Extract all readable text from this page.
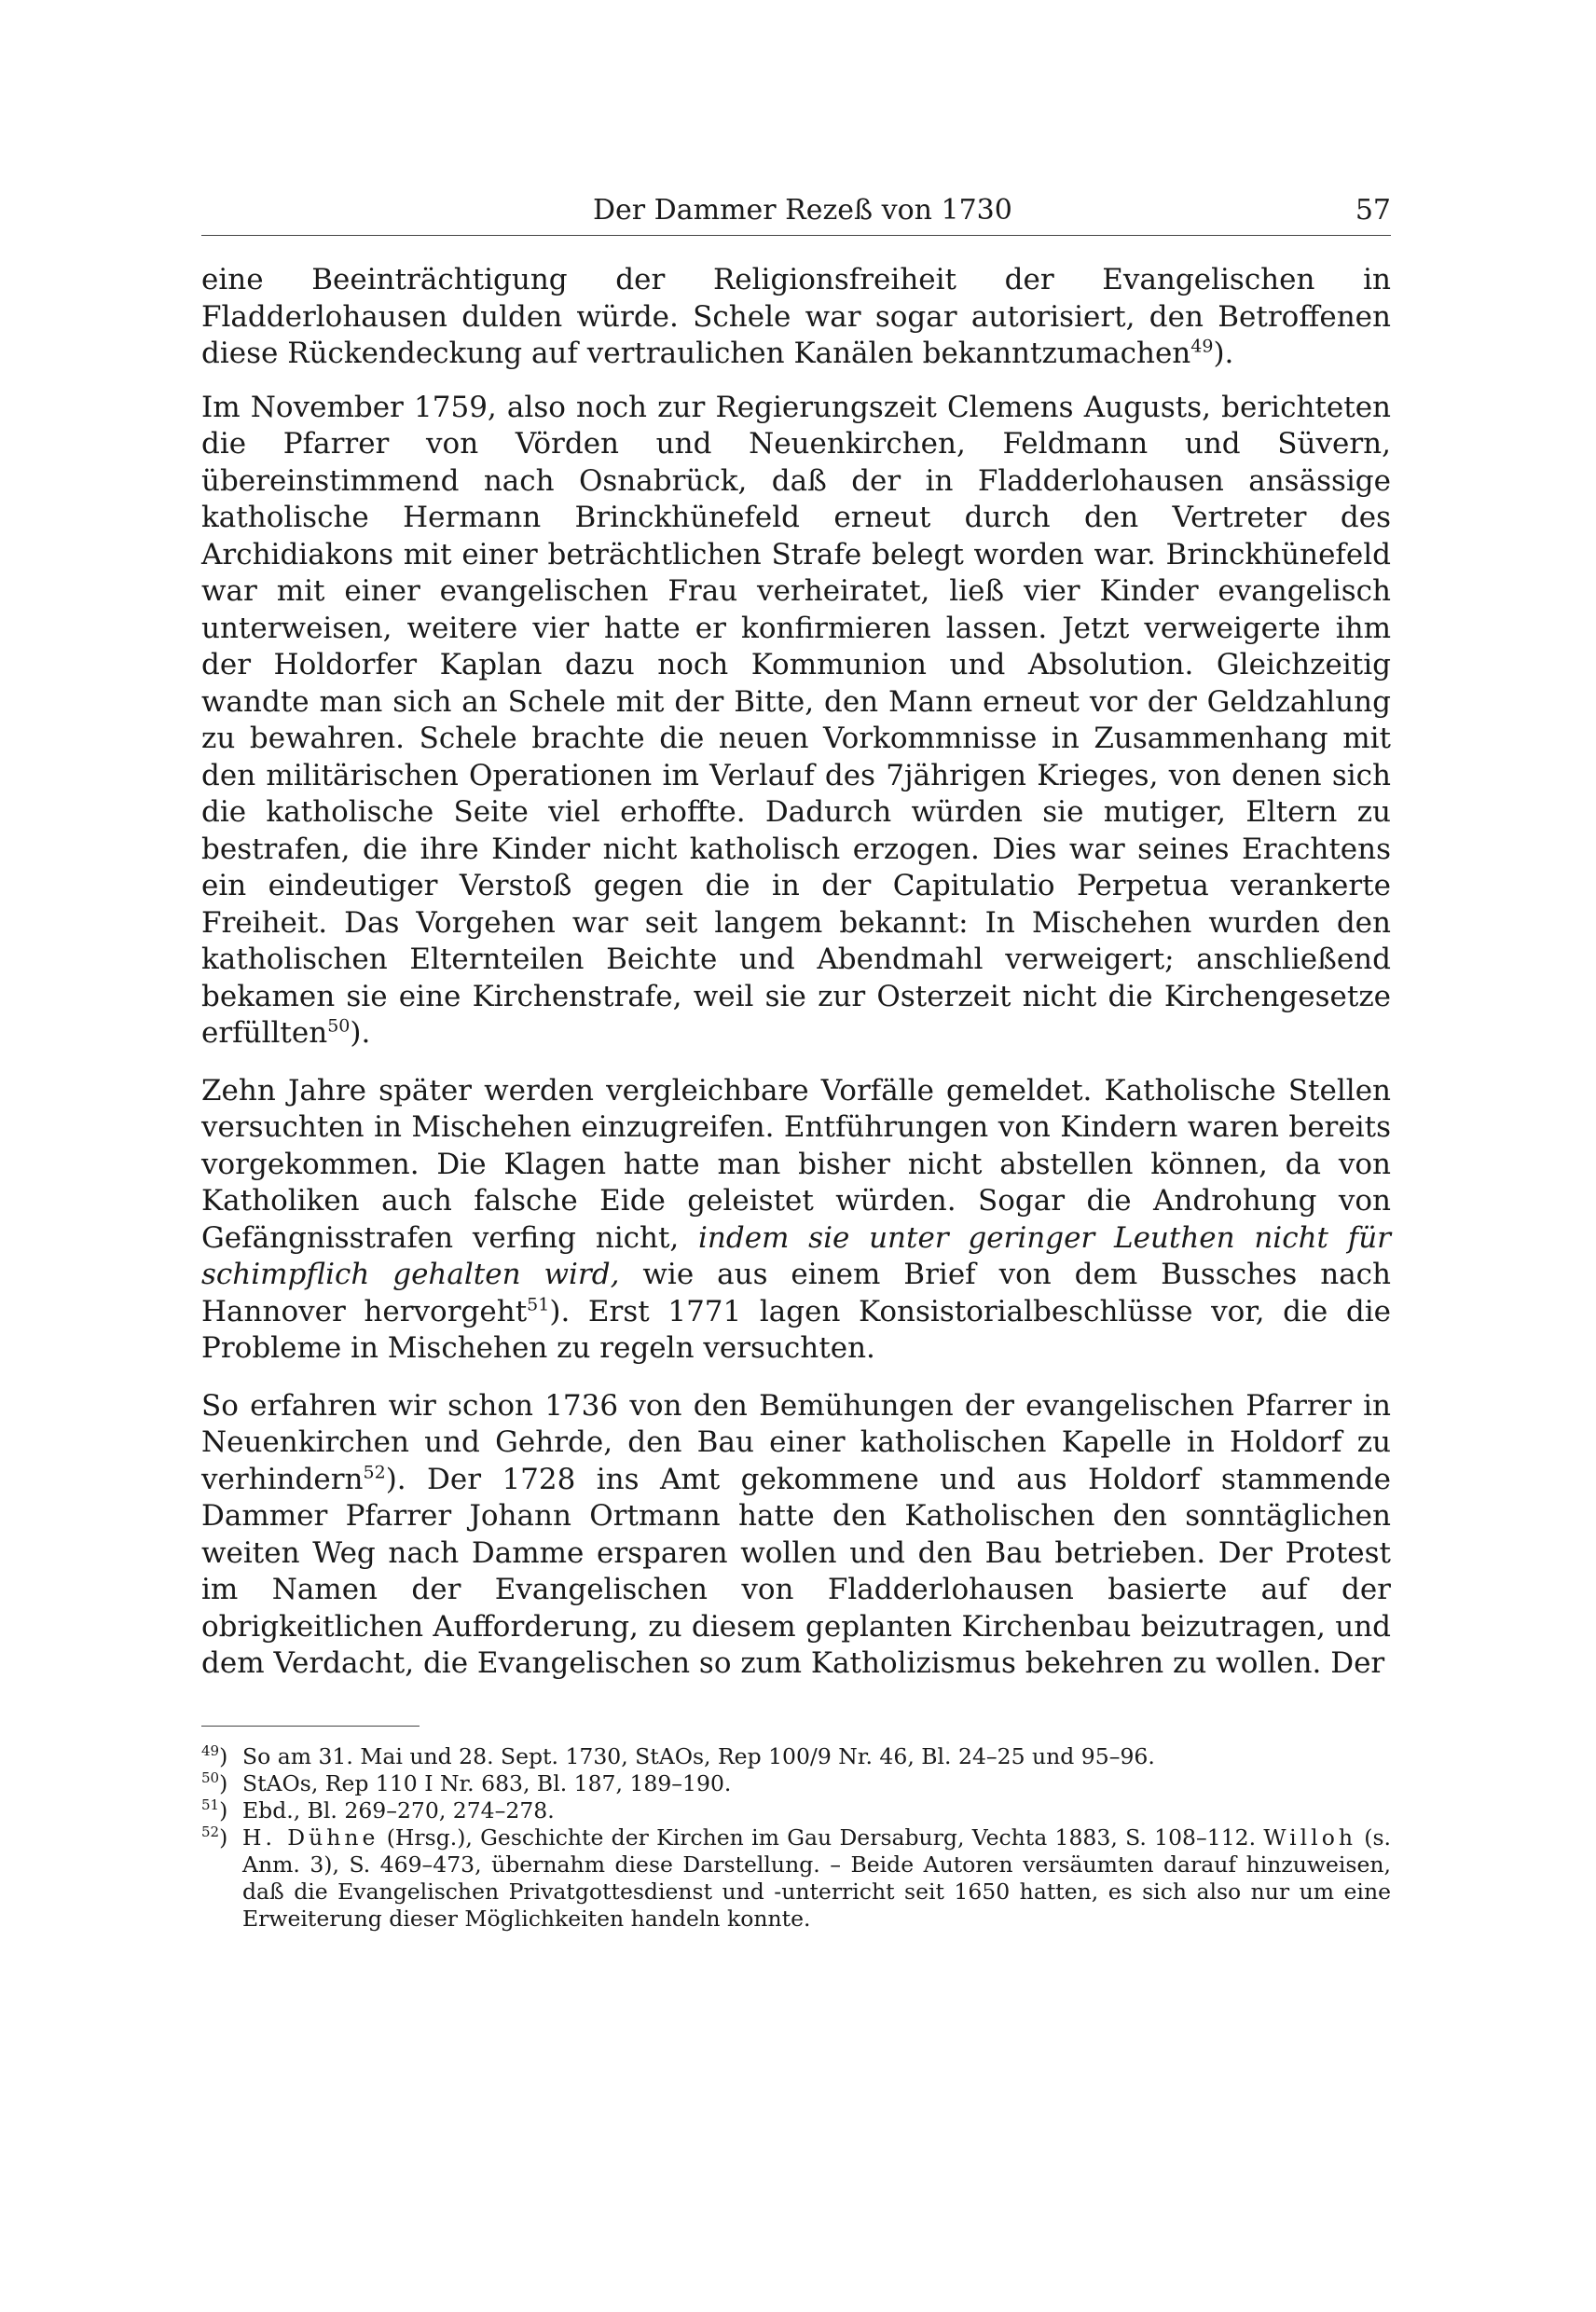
Der Dammer Rezeß von 1730	57

eine Beeinträchtigung der Religionsfreiheit der Evangelischen in Fladderlohausen dulden würde. Schele war sogar autorisiert, den Betroffenen diese Rückendeckung auf vertraulichen Kanälen bekanntzumachen$^{49}$).

Im November 1759, also noch zur Regierungszeit Clemens Augusts, berichteten die Pfarrer von Vörden und Neuenkirchen, Feldmann und Süvern, übereinstimmend nach Osnabrück, daß der in Fladderlohausen ansässige katholische Hermann Brinckhünefeld erneut durch den Vertreter des Archidiakons mit einer beträchtlichen Strafe belegt worden war. Brinckhünefeld war mit einer evangelischen Frau verheiratet, ließ vier Kinder evangelisch unterweisen, weitere vier hatte er konfirmieren lassen. Jetzt verweigerte ihm der Holdorfer Kaplan dazu noch Kommunion und Absolution. Gleichzeitig wandte man sich an Schele mit der Bitte, den Mann erneut vor der Geldzahlung zu bewahren. Schele brachte die neuen Vorkommnisse in Zusammenhang mit den militärischen Operationen im Verlauf des 7jährigen Krieges, von denen sich die katholische Seite viel erhoffte. Dadurch würden sie mutiger, Eltern zu bestrafen, die ihre Kinder nicht katholisch erzogen. Dies war seines Erachtens ein eindeutiger Verstoß gegen die in der Capitulatio Perpetua verankerte Freiheit. Das Vorgehen war seit langem bekannt: In Mischehen wurden den katholischen Elternteilen Beichte und Abendmahl verweigert; anschließend bekamen sie eine Kirchenstrafe, weil sie zur Osterzeit nicht die Kirchengesetze erfüllten$^{50}$).

Zehn Jahre später werden vergleichbare Vorfälle gemeldet. Katholische Stellen versuchten in Mischehen einzugreifen. Entführungen von Kindern waren bereits vorgekommen. Die Klagen hatte man bisher nicht abstellen können, da von Katholiken auch falsche Eide geleistet würden. Sogar die Androhung von Gefängnisstrafen verfing nicht, indem sie unter geringer Leuthen nicht für schimpflich gehalten wird, wie aus einem Brief von dem Bussches nach Hannover hervorgeht$^{51}$). Erst 1771 lagen Konsistorialbeschlüsse vor, die die Probleme in Mischehen zu regeln versuchten.

So erfahren wir schon 1736 von den Bemühungen der evangelischen Pfarrer in Neuenkirchen und Gehrde, den Bau einer katholischen Kapelle in Holdorf zu verhindern$^{52}$). Der 1728 ins Amt gekommene und aus Holdorf stammende Dammer Pfarrer Johann Ortmann hatte den Katholischen den sonntäglichen weiten Weg nach Damme ersparen wollen und den Bau betrieben. Der Protest im Namen der Evangelischen von Fladderlohausen basierte auf der obrigkeitlichen Aufforderung, zu diesem geplanten Kirchenbau beizutragen, und dem Verdacht, die Evangelischen so zum Katholizismus bekehren zu wollen. Der

$^{49}$) So am 31. Mai und 28. Sept. 1730, StAOs, Rep 100/9 Nr. 46, Bl. 24–25 und 95–96.
$^{50}$) StAOs, Rep 110 I Nr. 683, Bl. 187, 189–190.
$^{51}$) Ebd., Bl. 269–270, 274–278.
$^{52}$) H. Dühne (Hrsg.), Geschichte der Kirchen im Gau Dersaburg, Vechta 1883, S. 108–112. Willoh (s. Anm. 3), S. 469–473, übernahm diese Darstellung. – Beide Autoren versäumten darauf hinzuweisen, daß die Evangelischen Privatgottesdienst und -unterricht seit 1650 hatten, es sich also nur um eine Erweiterung dieser Möglichkeiten handeln konnte.
